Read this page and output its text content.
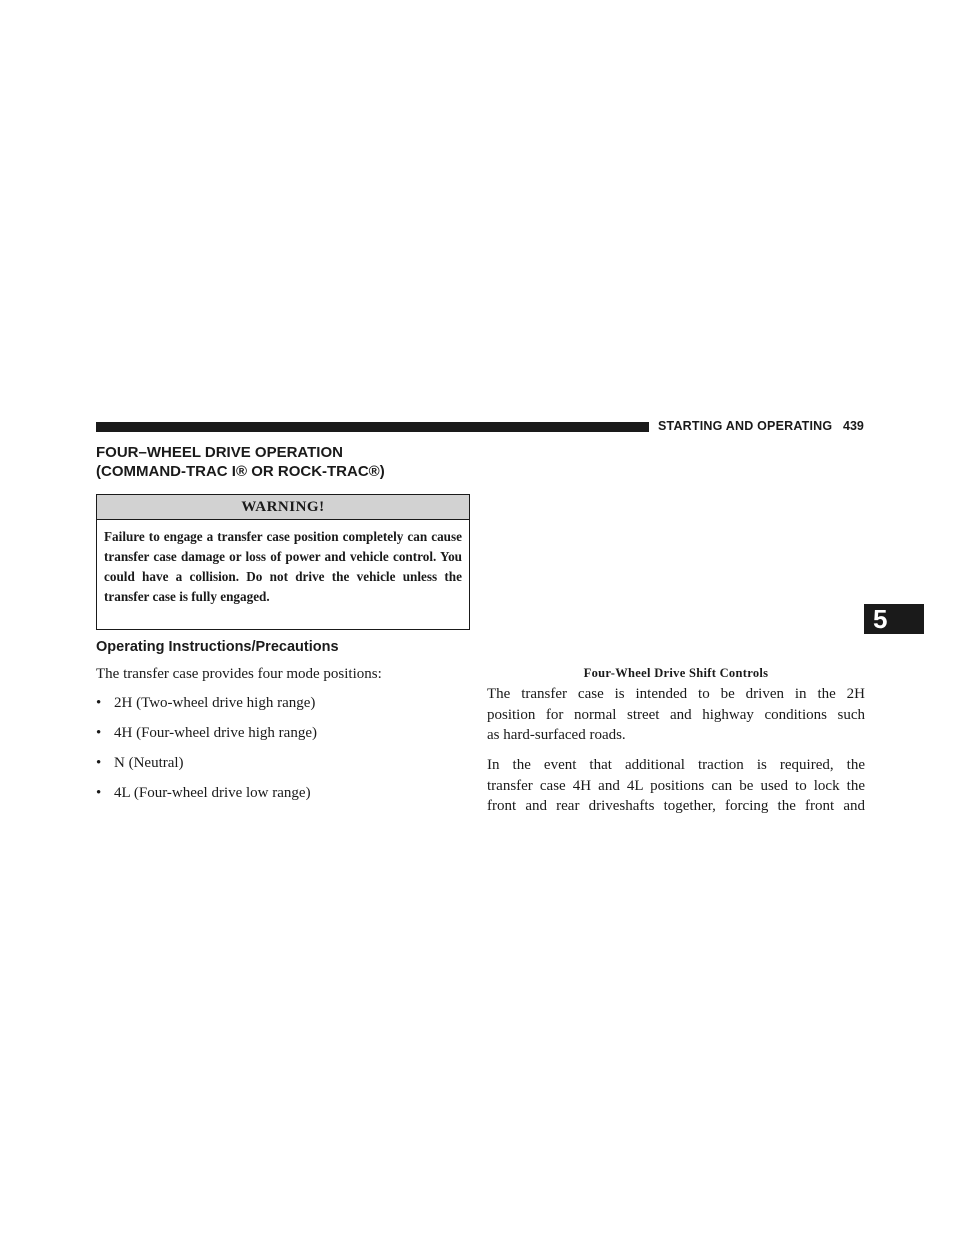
STARTING AND OPERATING 439
FOUR–WHEEL DRIVE OPERATION
(COMMAND-TRAC I® OR ROCK-TRAC®)
WARNING!
Failure to engage a transfer case position completely can cause transfer case damage or loss of power and vehicle control. You could have a collision. Do not drive the vehicle unless the transfer case is fully engaged.
Operating Instructions/Precautions

The transfer case provides four mode positions:

• 2H (Two-wheel drive high range)
• 4H (Four-wheel drive high range)
• N (Neutral)
• 4L (Four-wheel drive low range)
Four-Wheel Drive Shift Controls

The transfer case is intended to be driven in the 2H
position for normal street and highway conditions such
as hard-surfaced roads.

In the event that additional traction is required, the
transfer case 4H and 4L positions can be used to lock the
front and rear driveshafts together, forcing the front and

5
